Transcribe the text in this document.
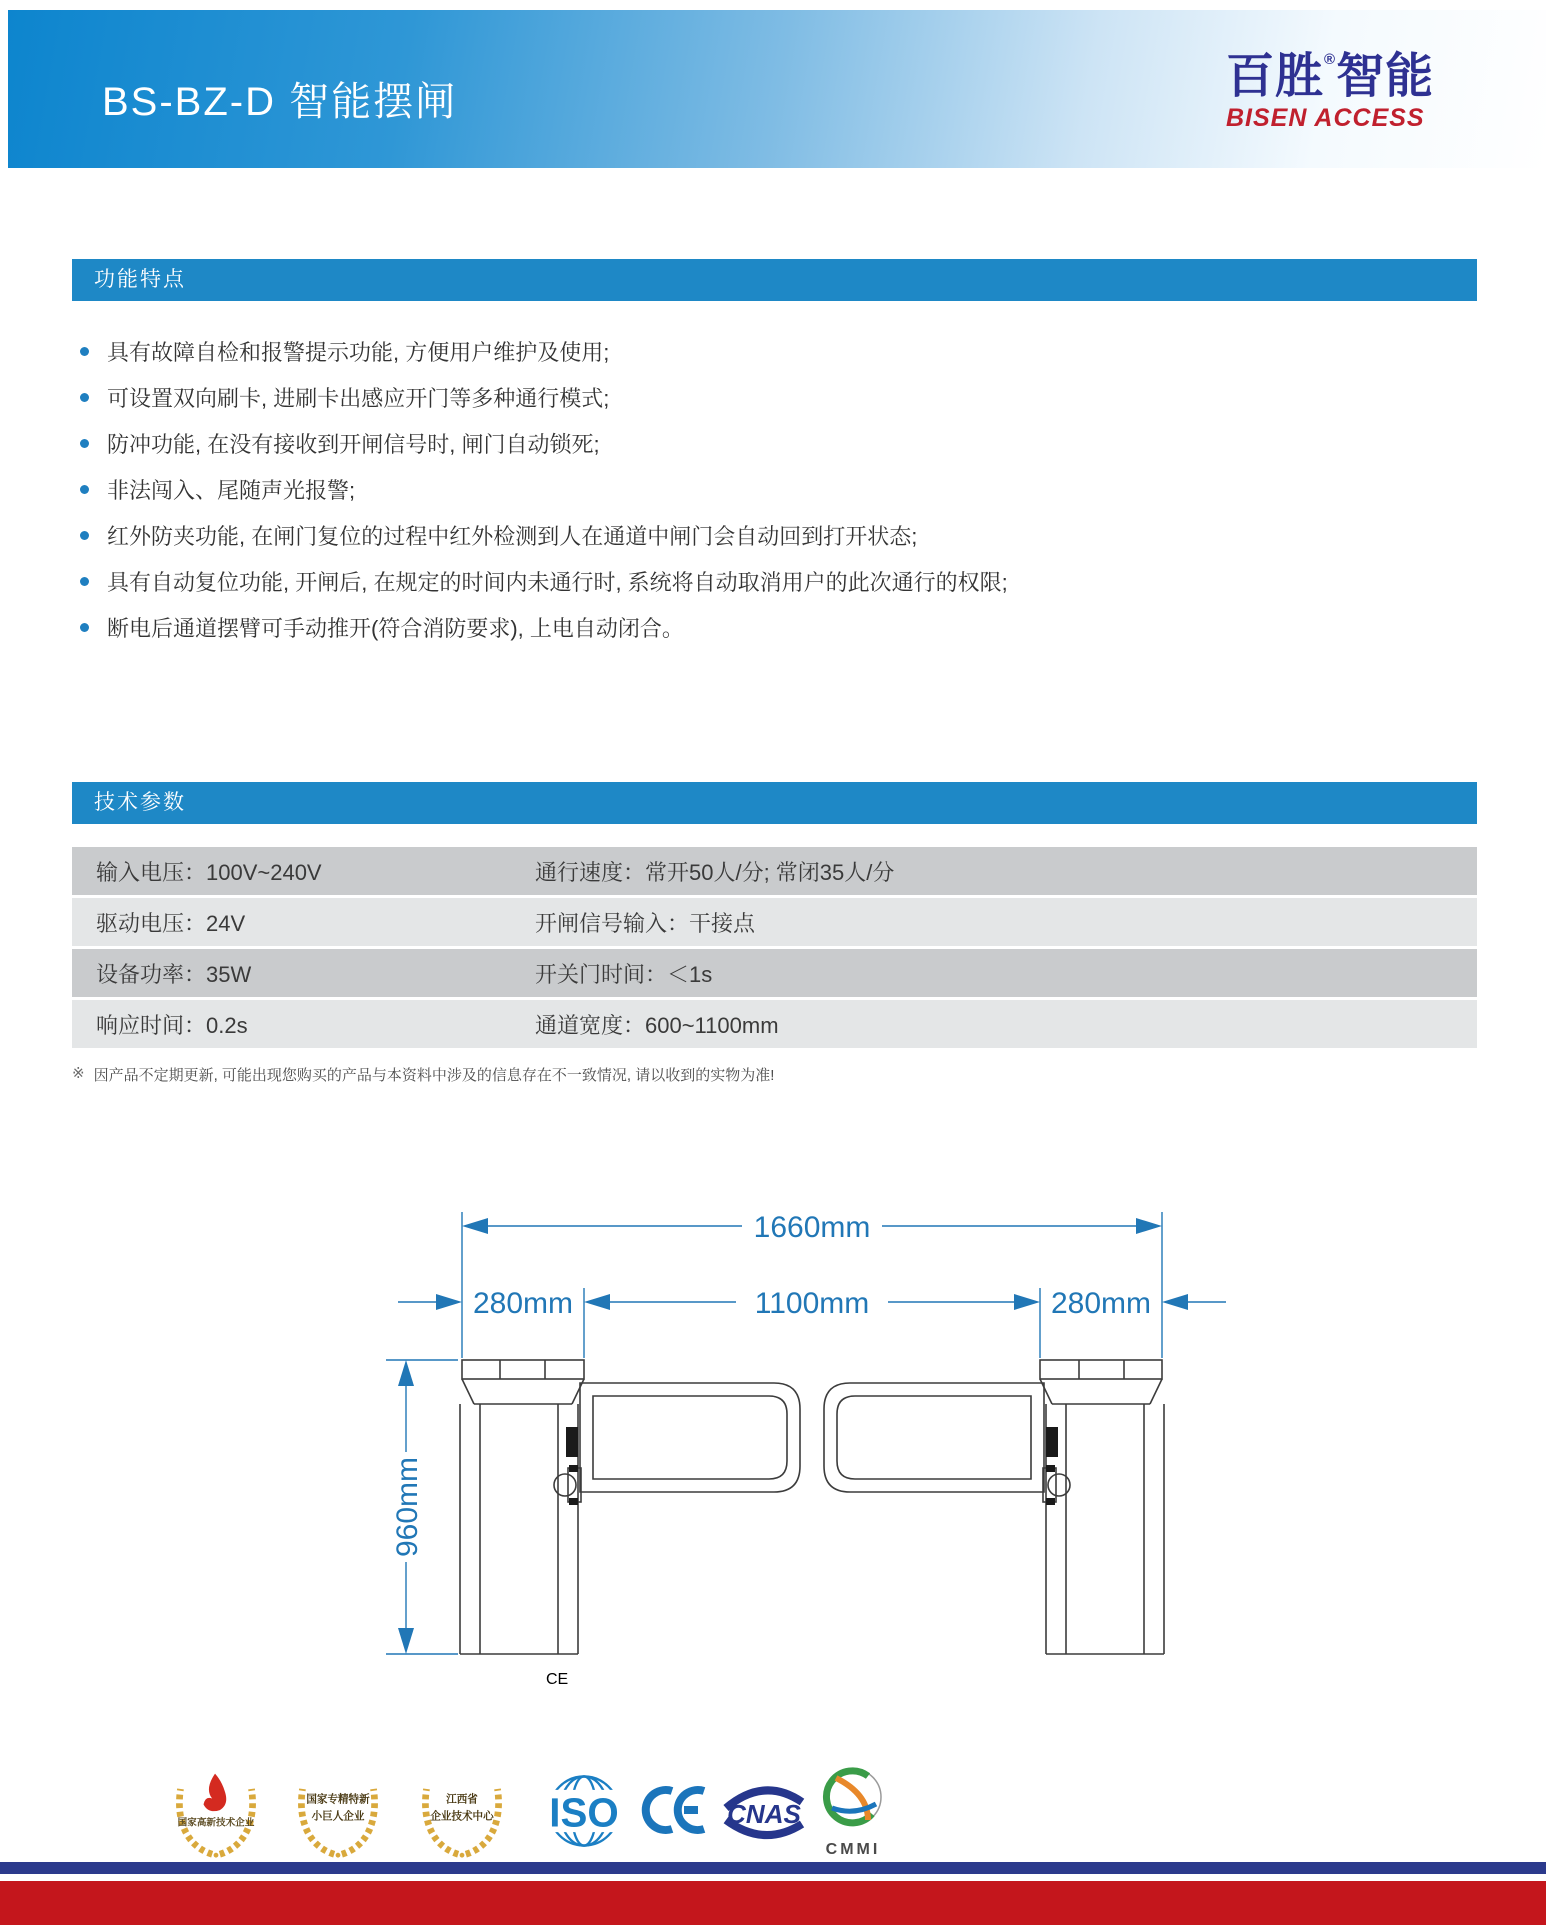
BS-BZ-D 智能摆闸	百胜®智能
BISEN ACCESS
功能特点
具有故障自检和报警提示功能, 方便用户维护及使用;
可设置双向刷卡, 进刷卡出感应开门等多种通行模式;
防冲功能, 在没有接收到开闸信号时, 闸门自动锁死;
非法闯入、尾随声光报警;
红外防夹功能, 在闸门复位的过程中红外检测到人在通道中闸门会自动回到打开状态;
具有自动复位功能, 开闸后, 在规定的时间内未通行时, 系统将自动取消用户的此次通行的权限;
断电后通道摆臂可手动推开(符合消防要求), 上电自动闭合。
技术参数
输入电压：100V~240V	通行速度：常开50人/分; 常闭35人/分
驱动电压：24V	开闸信号输入：干接点
设备功率：35W	开关门时间：＜1s
响应时间：0.2s	通道宽度：600~1100mm
※ 因产品不定期更新, 可能出现您购买的产品与本资料中涉及的信息存在不一致情况, 请以收到的实物为准!
1660mm
280mm	1100mm	280mm
960mm
国家高新技术企业
国家专精特新
小巨人企业
江西省
企业技术中心 ISO
CE
CNAS
CMMI
